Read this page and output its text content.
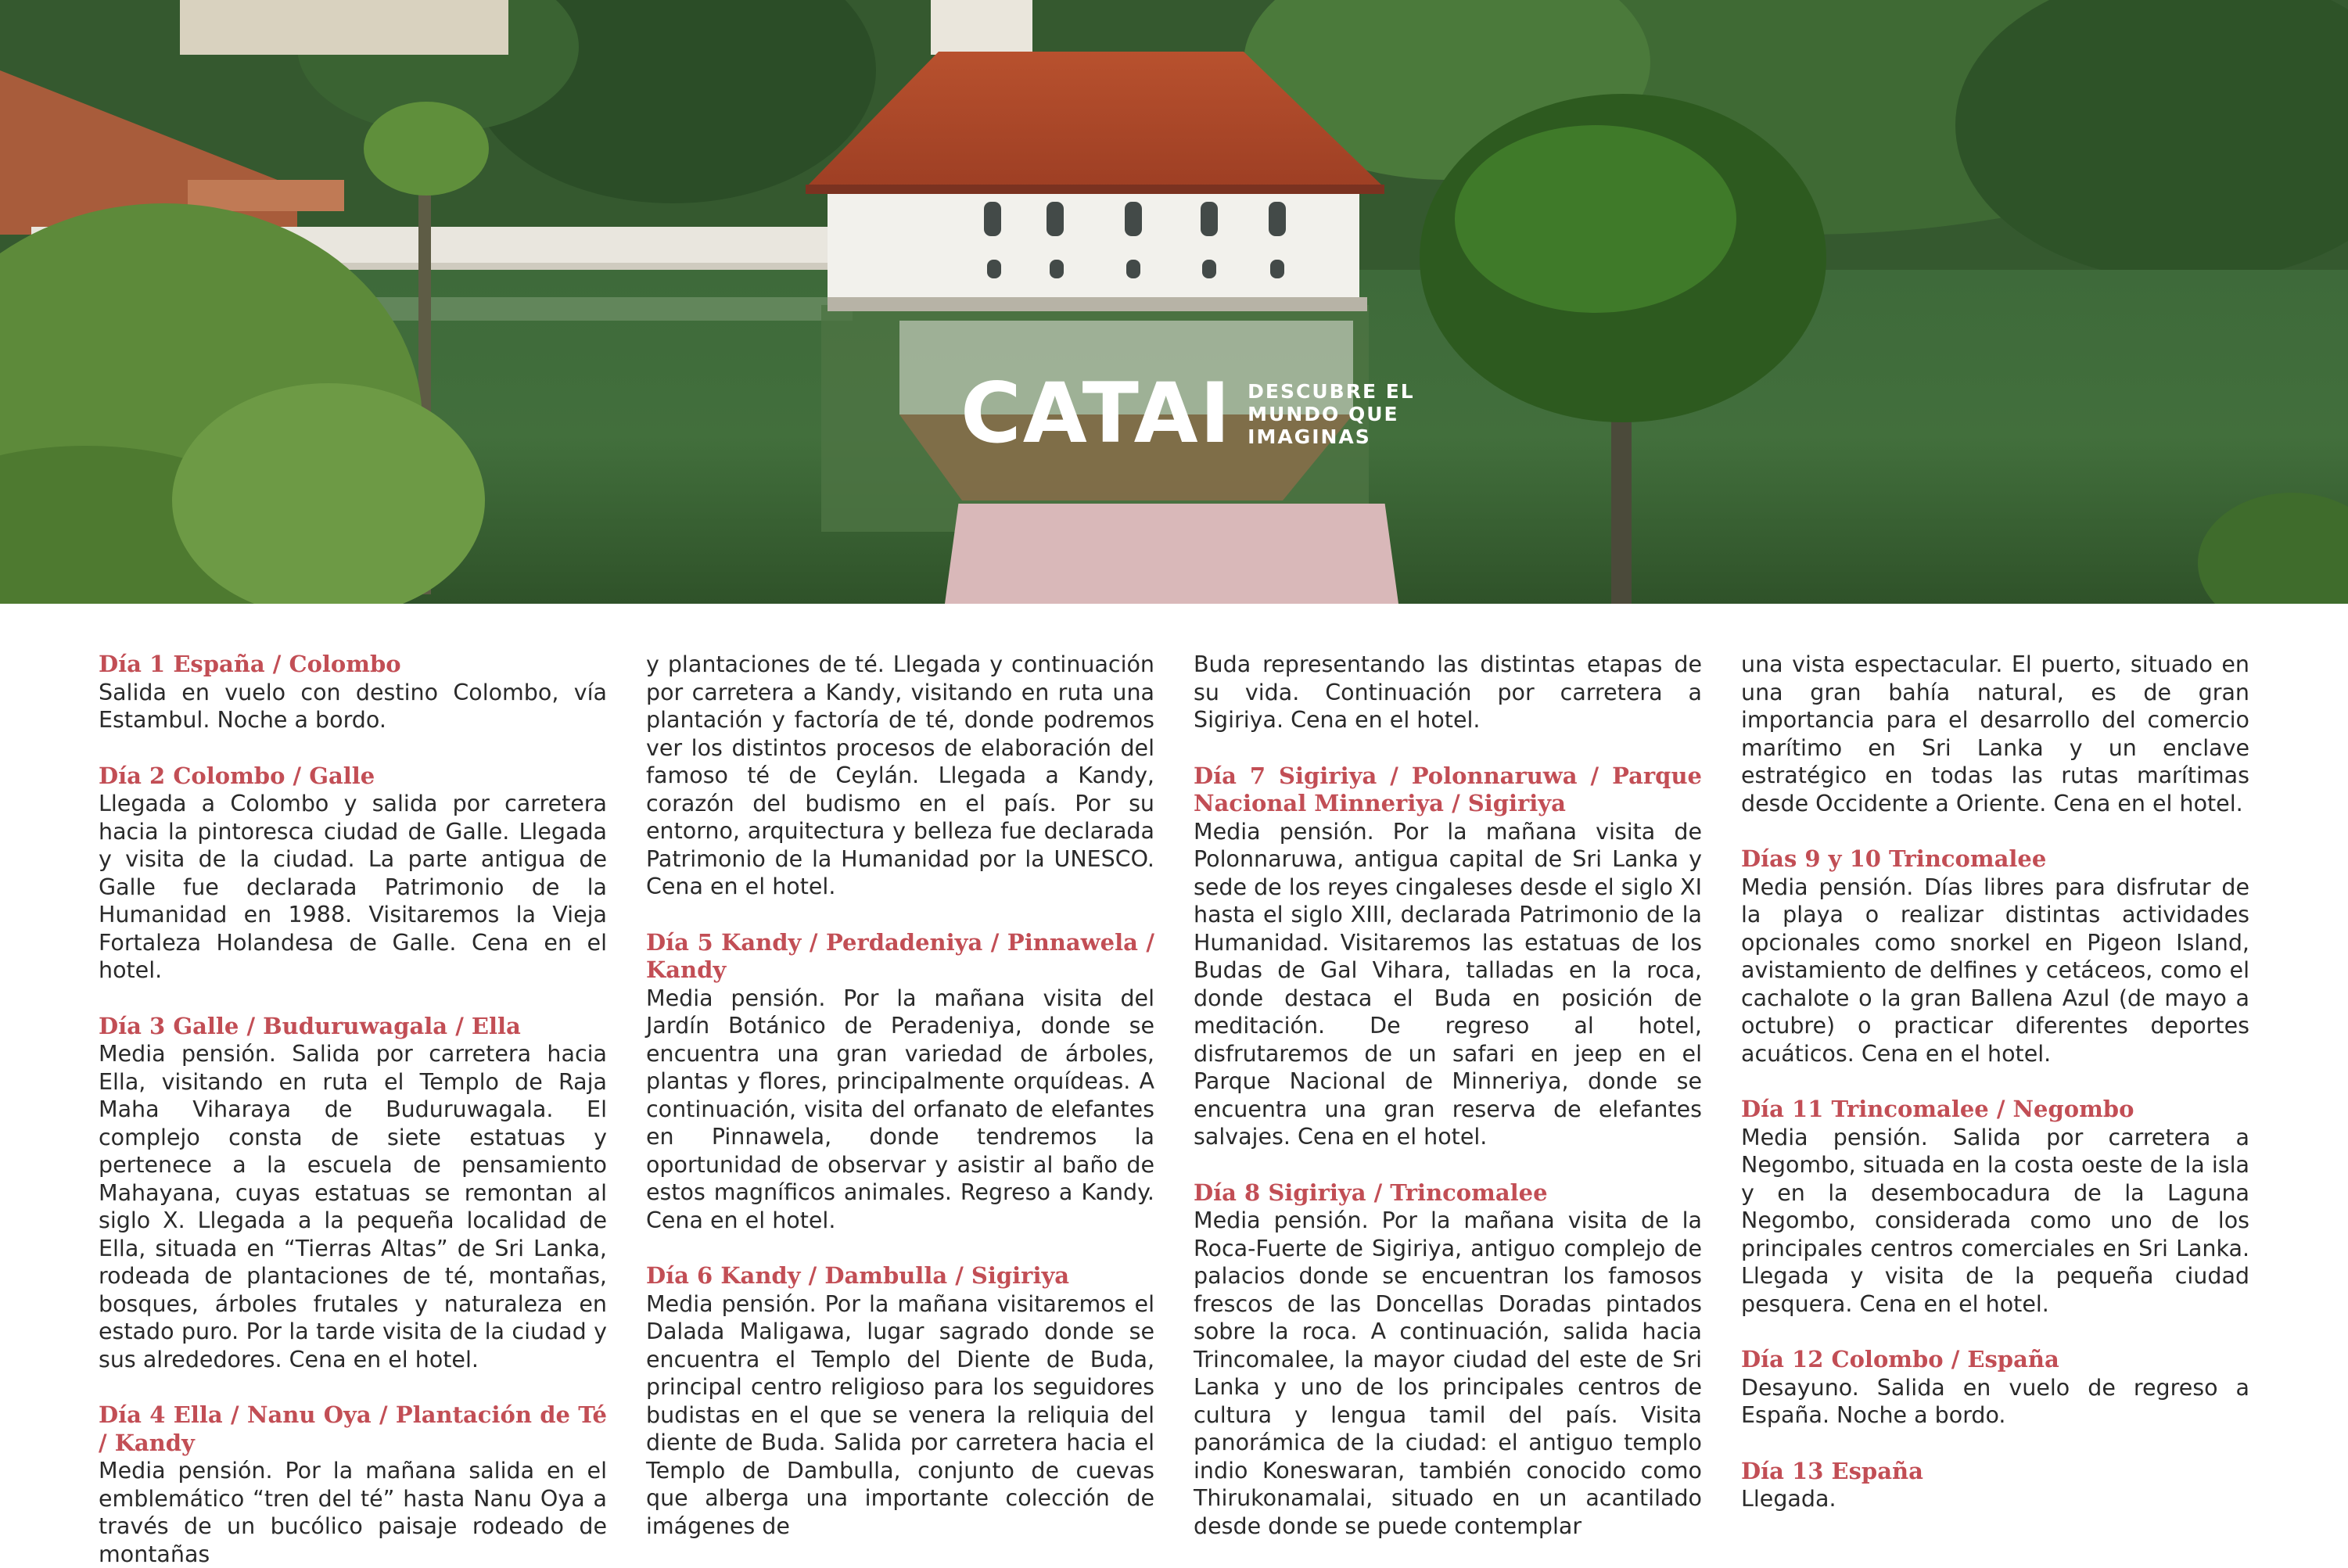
CATAI DESCUBRE EL
MUNDO QUE
IMAGINAS

Día 1 España / Colombo

Salida en vuelo con destino Colombo, vía Estambul. Noche a bordo.

Día 2 Colombo / Galle

Llegada a Colombo y salida por carretera hacia la pintoresca ciudad de Galle. Llegada y visita de la ciudad. La parte antigua de Galle fue declarada Patrimonio de la Humanidad en 1988. Visitaremos la Vieja Fortaleza Holandesa de Galle. Cena en el hotel.

Día 3 Galle / Buduruwagala / Ella

Media pensión. Salida por carretera hacia Ella, visitando en ruta el Templo de Raja Maha Viharaya de Buduruwagala. El complejo consta de siete estatuas y pertenece a la escuela de pensamiento Mahayana, cuyas estatuas se remontan al siglo X. Llegada a la pequeña localidad de Ella, situada en “Tierras Altas” de Sri Lanka, rodeada de plantaciones de té, montañas, bosques, árboles frutales y naturaleza en estado puro. Por la tarde visita de la ciudad y sus alrededores. Cena en el hotel.

Día 4 Ella / Nanu Oya / Plantación de Té / Kandy

Media pensión. Por la mañana salida en el emblemático “tren del té” hasta Nanu Oya a través de un bucólico paisaje rodeado de montañas

y plantaciones de té. Llegada y continuación por carretera a Kandy, visitando en ruta una plantación y factoría de té, donde podremos ver los distintos procesos de elaboración del famoso té de Ceylán. Llegada a Kandy, corazón del budismo en el país. Por su entorno, arquitectura y belleza fue declarada Patrimonio de la Humanidad por la UNESCO. Cena en el hotel.

Día 5 Kandy / Perdadeniya / Pinnawela / Kandy

Media pensión. Por la mañana visita del Jardín Botánico de Peradeniya, donde se encuentra una gran variedad de árboles, plantas y flores, principalmente orquídeas. A continuación, visita del orfanato de elefantes en Pinnawela, donde tendremos la oportunidad de observar y asistir al baño de estos magníficos animales. Regreso a Kandy. Cena en el hotel.

Día 6 Kandy / Dambulla / Sigiriya

Media pensión. Por la mañana visitaremos el Dalada Maligawa, lugar sagrado donde se encuentra el Templo del Diente de Buda, principal centro religioso para los seguidores budistas en el que se venera la reliquia del diente de Buda. Salida por carretera hacia el Templo de Dambulla, conjunto de cuevas que alberga una importante colección de imágenes de

Buda representando las distintas etapas de su vida. Continuación por carretera a Sigiriya. Cena en el hotel.

Día 7 Sigiriya / Polonnaruwa / Parque Nacional Minneriya / Sigiriya

Media pensión. Por la mañana visita de Polonnaruwa, antigua capital de Sri Lanka y sede de los reyes cingaleses desde el siglo XI hasta el siglo XIII, declarada Patrimonio de la Humanidad. Visitaremos las estatuas de los Budas de Gal Vihara, talladas en la roca, donde destaca el Buda en posición de meditación. De regreso al hotel, disfrutaremos de un safari en jeep en el Parque Nacional de Minneriya, donde se encuentra una gran reserva de elefantes salvajes. Cena en el hotel.

Día 8 Sigiriya / Trincomalee

Media pensión. Por la mañana visita de la Roca-Fuerte de Sigiriya, antiguo complejo de palacios donde se encuentran los famosos frescos de las Doncellas Doradas pintados sobre la roca. A continuación, salida hacia Trincomalee, la mayor ciudad del este de Sri Lanka y uno de los principales centros de cultura y lengua tamil del país. Visita panorámica de la ciudad: el antiguo templo indio Koneswaran, también conocido como Thirukonamalai, situado en un acantilado desde donde se puede contemplar

una vista espectacular. El puerto, situado en una gran bahía natural, es de gran importancia para el desarrollo del comercio marítimo en Sri Lanka y un enclave estratégico en todas las rutas marítimas desde Occidente a Oriente. Cena en el hotel.

Días 9 y 10 Trincomalee

Media pensión. Días libres para disfrutar de la playa o realizar distintas actividades opcionales como snorkel en Pigeon Island, avistamiento de delfines y cetáceos, como el cachalote o la gran Ballena Azul (de mayo a octubre) o practicar diferentes deportes acuáticos. Cena en el hotel.

Día 11 Trincomalee / Negombo

Media pensión. Salida por carretera a Negombo, situada en la costa oeste de la isla y en la desembocadura de la Laguna Negombo, considerada como uno de los principales centros comerciales en Sri Lanka. Llegada y visita de la pequeña ciudad pesquera. Cena en el hotel.

Día 12 Colombo / España

Desayuno. Salida en vuelo de regreso a España. Noche a bordo.

Día 13 España

Llegada.
